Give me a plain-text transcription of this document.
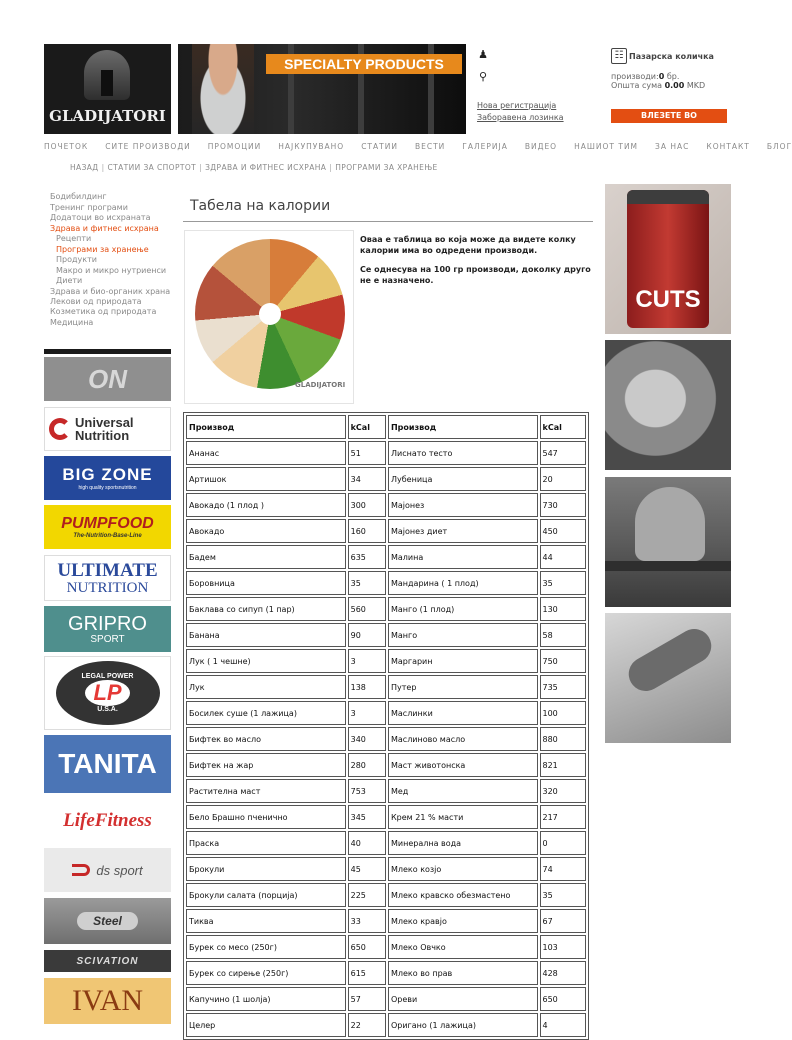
GLADIJATORI
SPECIALTY PRODUCTS
♟
⚲
Нова регистрација
Заборавена лозинка
☷ Пазарска количка
производи:0 бр.
Општа сума 0.00 MKD
ВЛЕЗЕТЕ ВО КОЛИЧКАТА
ПОЧЕТОК СИТЕ ПРОИЗВОДИ ПРОМОЦИИ НАЈКУПУВАНО СТАТИИ ВЕСТИ ГАЛЕРИЈА ВИДЕО НАШИОТ ТИМ ЗА НАС КОНТАКТ БЛОГ
НАЗАД | СТАТИИ ЗА СПОРТОТ | ЗДРАВА И ФИТНЕС ИСХРАНА | ПРОГРАМИ ЗА ХРАНЕЊЕ
Бодибилдинг
Тренинг програми
Додатоци во исхраната
Здрава и фитнес исхрана
Рецепти
Програми за хранење
Продукти
Макро и микро нутриенси
Диети
Здрава и био-органик храна
Лекови од природата
Козметика од природата
Медицина
ON
Universal Nutrition
BIG ZONE
high quality sportsnutrition
PUMPFOOD
The-Nutrition-Base-Line
ULTIMATE
NUTRITION
GRIPRO
SPORT
LEGAL POWER
LP
U.S.A.
TANITA
LifeFitness
ds sport
Steel
SCIVATION
IVAN
Табела на калории
GLADIJATORI

Оваа е таблица во која може да видете колку калории има во одредени производи.

Се однесува на 100 гр производи, доколку друго не е назначено.

Производ	kCal	Производ	kCal
Ананас	51	Лиснато тесто	547
Артишок	34	Лубеница	20
Авокадо (1 плод )	300	Мајонез	730
Авокадо	160	Мајонез диет	450
Бадем	635	Малина	44
Боровница	35	Мандарина ( 1 плод)	35
Баклава со сипуп (1 пар)	560	Манго (1 плод)	130
Банана	90	Манго	58
Лук ( 1 чешне)	3	Маргарин	750
Лук	138	Путер	735
Босилек суше (1 лажица)	3	Маслинки	100
Бифтек во масло	340	Маслиново масло	880
Бифтек на жар	280	Маст животонска	821
Растителна маст	753	Мед	320
Бело Брашно пченично	345	Крем 21 % масти	217
Праска	40	Минерална вода	0
Брокули	45	Млеко козјо	74
Брокули салата (порција)	225	Млеко кравско обезмастено	35
Тиква	33	Млеко кравјо	67
Бурек со месо (250г)	650	Млеко Овчко	103
Бурек со сирење (250г)	615	Млеко во прав	428
Капучино (1 шолја)	57	Ореви	650
Целер	22	Оригано (1 лажица)	4
CUTS
